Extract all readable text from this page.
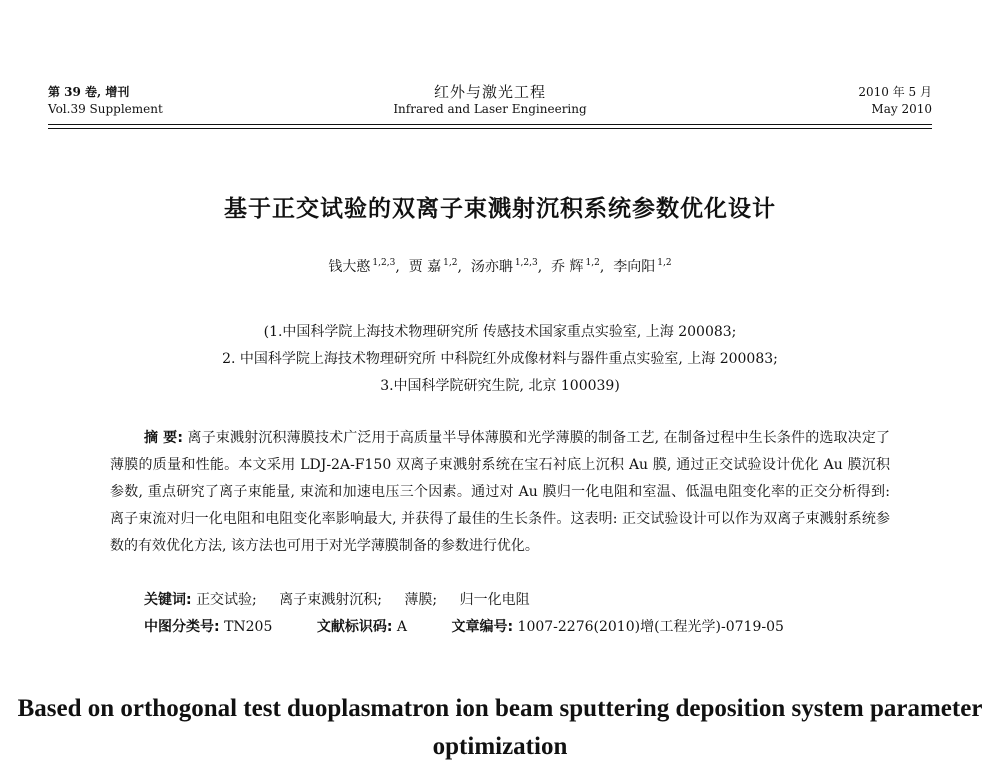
第 39 卷, 增刊
Vol.39 Supplement
红外与激光工程
Infrared and Laser Engineering
2010 年 5 月
May 2010
基于正交试验的双离子束溅射沉积系统参数优化设计
钱大憨 $^{1,2,3}$,  贾 嘉 $^{1,2}$,  汤亦聃 $^{1,2,3}$,  乔 辉 $^{1,2}$,  李向阳 $^{1,2}$
(1.中国科学院上海技术物理研究所 传感技术国家重点实验室, 上海 200083;
2. 中国科学院上海技术物理研究所 中科院红外成像材料与器件重点实验室, 上海 200083;
3.中国科学院研究生院, 北京 100039)
摘 要: 离子束溅射沉积薄膜技术广泛用于高质量半导体薄膜和光学薄膜的制备工艺, 在制备过程中生长条件的选取决定了薄膜的质量和性能。本文采用 LDJ-2A-F150 双离子束溅射系统在宝石衬底上沉积 Au 膜, 通过正交试验设计优化 Au 膜沉积参数, 重点研究了离子束能量, 束流和加速电压三个因素。通过对 Au 膜归一化电阻和室温、低温电阻变化率的正交分析得到: 离子束流对归一化电阻和电阻变化率影响最大, 并获得了最佳的生长条件。这表明: 正交试验设计可以作为双离子束溅射系统参数的有效优化方法, 该方法也可用于对光学薄膜制备的参数进行优化。
关键词: 正交试验; 离子束溅射沉积; 薄膜; 归一化电阻
中图分类号: TN205	文献标识码: A	文章编号: 1007-2276(2010)增(工程光学)-0719-05
Based on orthogonal test duoplasmatron ion beam sputtering deposition system parameter optimization
